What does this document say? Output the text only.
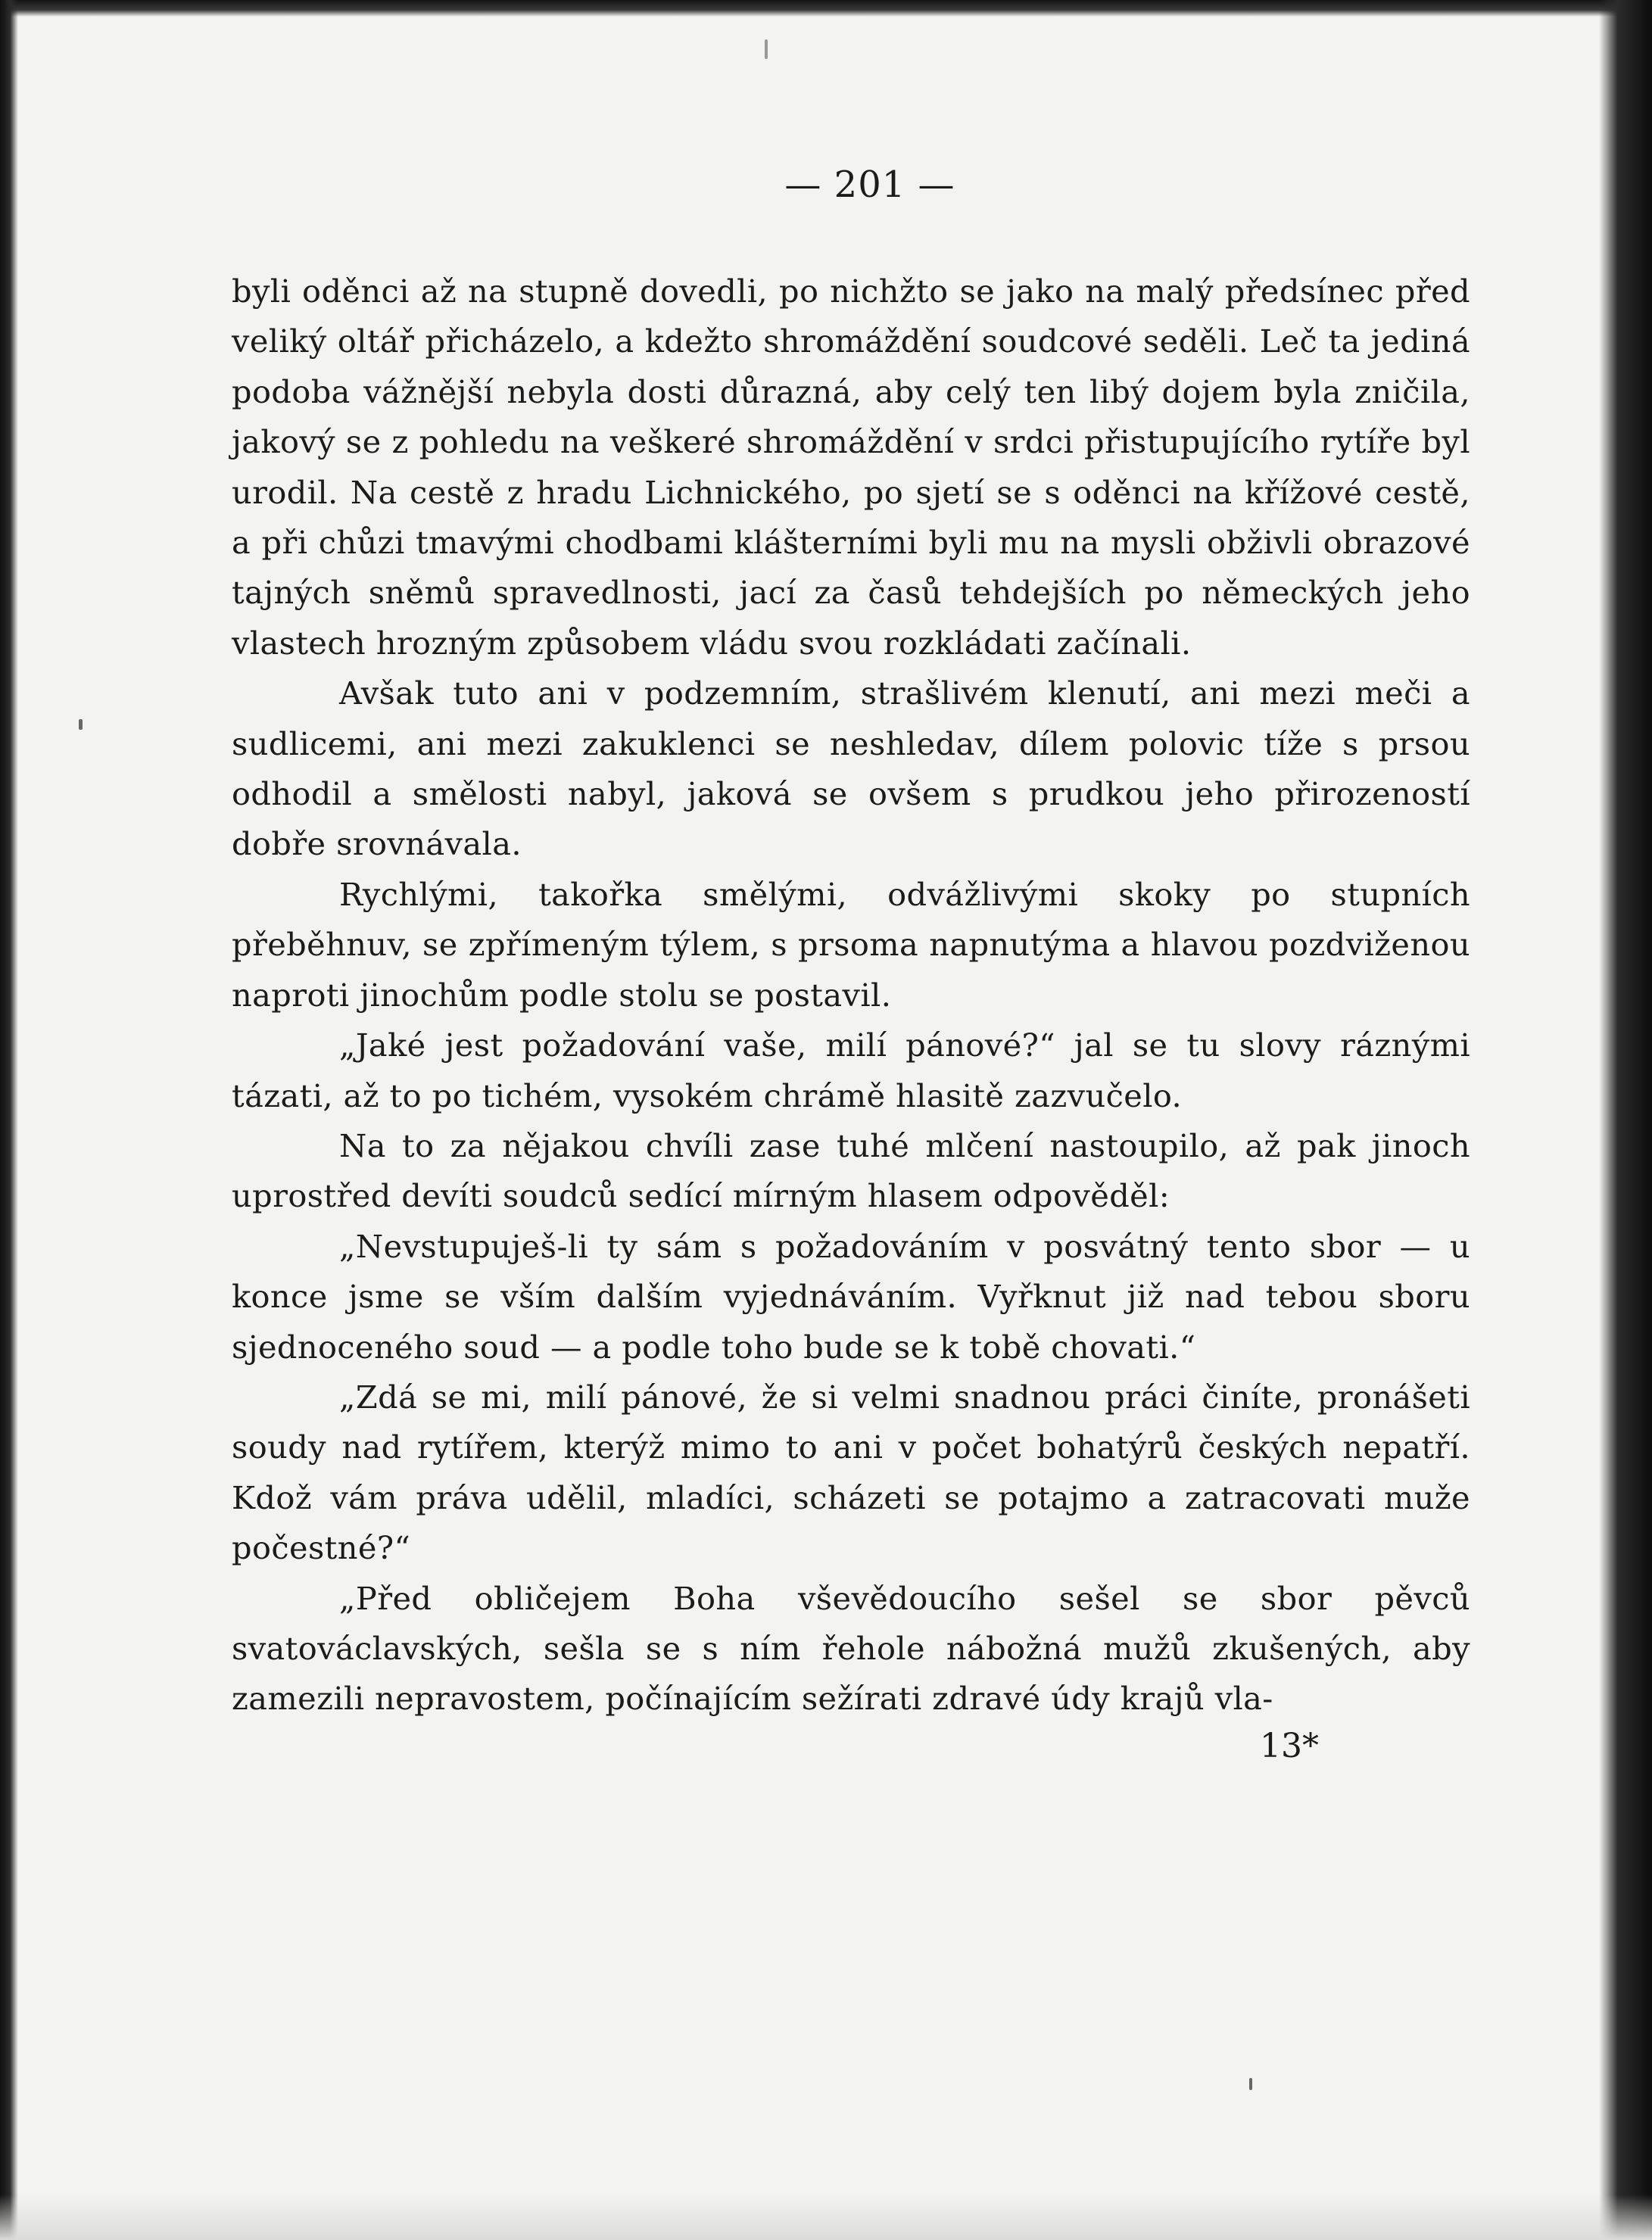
— 201 —

byli oděnci až na stupně dovedli, po nichžto se jako na malý předsínec před veliký oltář přicházelo, a kdežto shromáždění soudcové seděli. Leč ta jediná podoba vážnější nebyla dosti důrazná, aby celý ten libý dojem byla zničila, jakový se z pohledu na veškeré shromáždění v srdci přistupujícího rytíře byl urodil. Na cestě z hradu Lichnického, po sjetí se s oděnci na křížové cestě, a při chůzi tmavými chodbami klášterními byli mu na mysli obživli obrazové tajných sněmů spravedlnosti, jací za časů tehdejších po německých jeho vlastech hrozným způsobem vládu svou rozkládati začínali.

Avšak tuto ani v podzemním, strašlivém klenutí, ani mezi meči a sudlicemi, ani mezi zakuklenci se neshledav, dílem polovic tíže s prsou odhodil a smělosti nabyl, jaková se ovšem s prudkou jeho přirozeností dobře srovnávala.

Rychlými, takořka smělými, odvážlivými skoky po stupních přeběhnuv, se zpřímeným týlem, s prsoma napnutýma a hlavou pozdviženou naproti jinochům podle stolu se postavil.

„Jaké jest požadování vaše, milí pánové?“ jal se tu slovy ráznými tázati, až to po tichém, vysokém chrámě hlasitě zazvučelo.

Na to za nějakou chvíli zase tuhé mlčení nastoupilo, až pak jinoch uprostřed devíti soudců sedící mírným hlasem odpověděl:

„Nevstupuješ-li ty sám s požadováním v posvátný tento sbor — u konce jsme se vším dalším vyjednáváním. Vyřknut již nad tebou sboru sjednoceného soud — a podle toho bude se k tobě chovati.“

„Zdá se mi, milí pánové, že si velmi snadnou práci činíte, pronášeti soudy nad rytířem, kterýž mimo to ani v počet bohatýrů českých nepatří. Kdož vám práva udělil, mladíci, scházeti se potajmo a zatracovati muže počestné?“

„Před obličejem Boha vševědoucího sešel se sbor pěvců svatováclavských, sešla se s ním řehole nábožná mužů zkušených, aby zamezili nepravostem, počínajícím sežírati zdravé údy krajů vla-

13*
